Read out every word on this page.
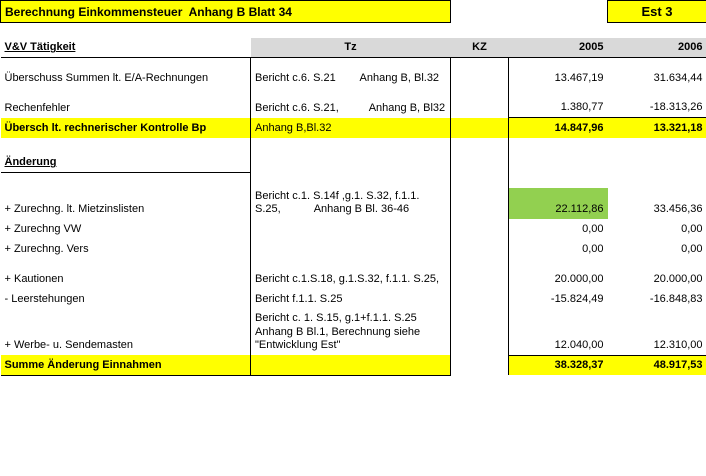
Berechnung Einkommensteuer  Anhang B Blatt 34				Est 3

V&V Tätigkeit	Tz	KZ	2005	2006
Überschuss Summen lt. E/A-Rechnungen	Bericht c.6. S.21        Anhang B, Bl.32		13.467,19	31.634,44
Rechenfehler	Bericht c.6. S.21,          Anhang B, Bl32		1.380,77	-18.313,26
Übersch lt. rechnerischer Kontrolle Bp	Anhang B,Bl.32		14.847,96	13.321,18

Änderung				

+ Zurechng. lt. Mietzinslisten	Bericht c.1. S.14f ,g.1. S.32, f.1.1. S.25,           Anhang B Bl. 36-46		22.112,86	33.456,36
+ Zurechng VW			0,00	0,00
+ Zurechng. Vers			0,00	0,00
+ Kautionen	Bericht c.1.S.18, g.1.S.32, f.1.1. S.25,		20.000,00	20.000,00
- Leerstehungen	Bericht f.1.1. S.25		-15.824,49	-16.848,83
+ Werbe- u. Sendemasten	Bericht c. 1. S.15, g.1+f.1.1. S.25  Anhang B Bl.1, Berechnung siehe "Entwicklung Est"		12.040,00	12.310,00
Summe Änderung Einnahmen			38.328,37	48.917,53
